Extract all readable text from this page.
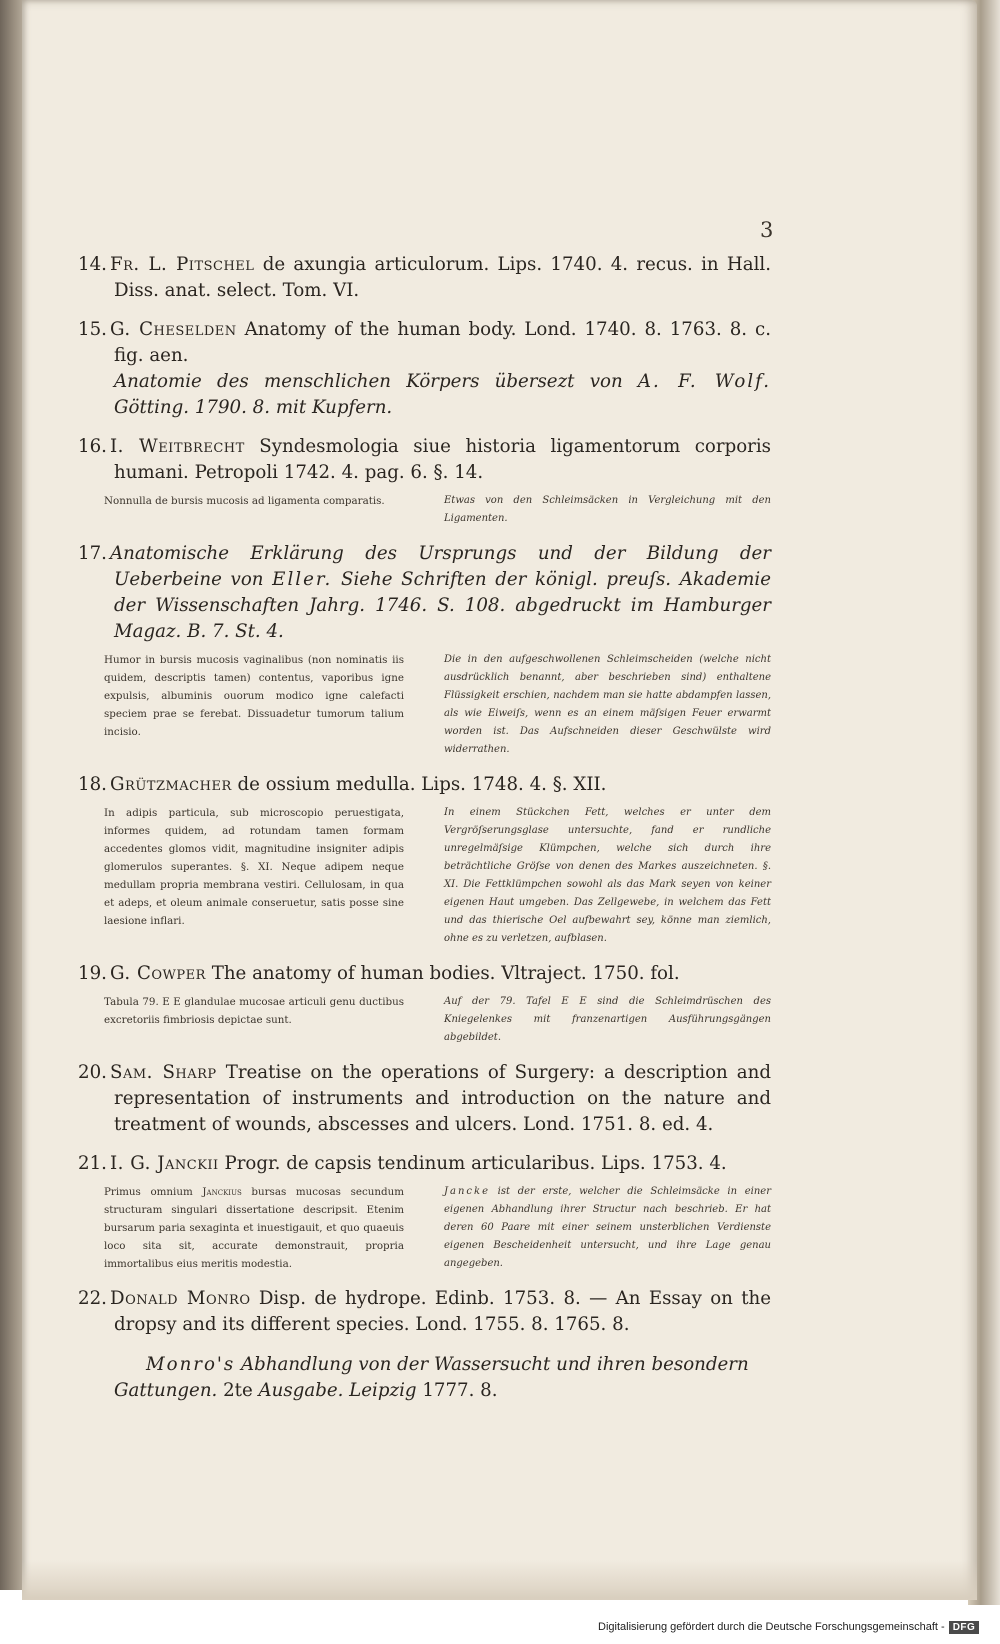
3
14. Fr. L. Pitschel de axungia articulorum. Lips. 1740. 4. recus. in Hall. Diss. anat. select. Tom. VI.
15. G. Cheselden Anatomy of the human body. Lond. 1740. 8. 1763. 8. c. fig. aen.
Anatomie des menschlichen Körpers übersezt von A. F. Wolf. Götting. 1790. 8. mit Kupfern.
16. I. Weitbrecht Syndesmologia siue historia ligamentorum corporis humani. Petropoli 1742. 4. pag. 6. §. 14.
Nonnulla de bursis mucosis ad ligamenta comparatis.	Etwas von den Schleimsäcken in Vergleichung mit den Ligamenten.
17. Anatomische Erklärung des Ursprungs und der Bildung der Ueberbeine von Eller. Siehe Schriften der königl. preuſs. Akademie der Wissenschaften Jahrg. 1746. S. 108. abgedruckt im Hamburger Magaz. B. 7. St. 4.
Humor in bursis mucosis vaginalibus (non nominatis iis quidem, descriptis tamen) contentus, vaporibus igne expulsis, albuminis ouorum modico igne calefacti speciem prae se ferebat. Dissuadetur tumorum talium incisio.
Die in den aufgeschwollenen Schleimscheiden (welche nicht ausdrücklich benannt, aber beschrieben sind) enthaltene Flüssigkeit erschien, nachdem man sie hatte abdampfen lassen, als wie Eiweiſs, wenn es an einem mäſsigen Feuer erwarmt worden ist. Das Aufschneiden dieser Geschwülste wird widerrathen.
18. Grützmacher de ossium medulla. Lips. 1748. 4. §. XII.
In adipis particula, sub microscopio peruestigata, informes quidem, ad rotundam tamen formam accedentes glomos vidit, magnitudine insigniter adipis glomerulos superantes. §. XI. Neque adipem neque medullam propria membrana vestiri. Cellulosam, in qua et adeps, et oleum animale conseruetur, satis posse sine laesione inflari.
In einem Stückchen Fett, welches er unter dem Vergröſserungsglase untersuchte, fand er rundliche unregelmäſsige Klümpchen, welche sich durch ihre beträchtliche Gröſse von denen des Markes auszeichneten. §. XI. Die Fettklümpchen sowohl als das Mark seyen von keiner eigenen Haut umgeben. Das Zellgewebe, in welchem das Fett und das thierische Oel aufbewahrt sey, könne man ziemlich, ohne es zu verletzen, aufblasen.
19. G. Cowper The anatomy of human bodies. Vltraject. 1750. fol.
Tabula 79. E E glandulae mucosae articuli genu ductibus excretoriis fimbriosis depictae sunt.
Auf der 79. Tafel E E sind die Schleimdrüschen des Kniegelenkes mit franzenartigen Ausführungsgängen abgebildet.
20. Sam. Sharp Treatise on the operations of Surgery: a description and representation of instruments and introduction on the nature and treatment of wounds, abscesses and ulcers. Lond. 1751. 8. ed. 4.
21. I. G. Janckii Progr. de capsis tendinum articularibus. Lips. 1753. 4.
Primus omnium Janckius bursas mucosas secundum structuram singulari dissertatione descripsit. Etenim bursarum paria sexaginta et inuestigauit, et quo quaeuis loco sita sit, accurate demonstrauit, propria immortalibus eius meritis modestia.
Jancke ist der erste, welcher die Schleimsäcke in einer eigenen Abhandlung ihrer Structur nach beschrieb. Er hat deren 60 Paare mit einer seinem unsterblichen Verdienste eigenen Bescheidenheit untersucht, und ihre Lage genau angegeben.
22. Donald Monro Disp. de hydrope. Edinb. 1753. 8. — An Essay on the dropsy and its different species. Lond. 1755. 8. 1765. 8.
Monro's Abhandlung von der Wassersucht und ihren besondern Gattungen. 2te Ausgabe. Leipzig 1777. 8.
Digitalisierung gefördert durch die Deutsche Forschungsgemeinschaft - DFG
